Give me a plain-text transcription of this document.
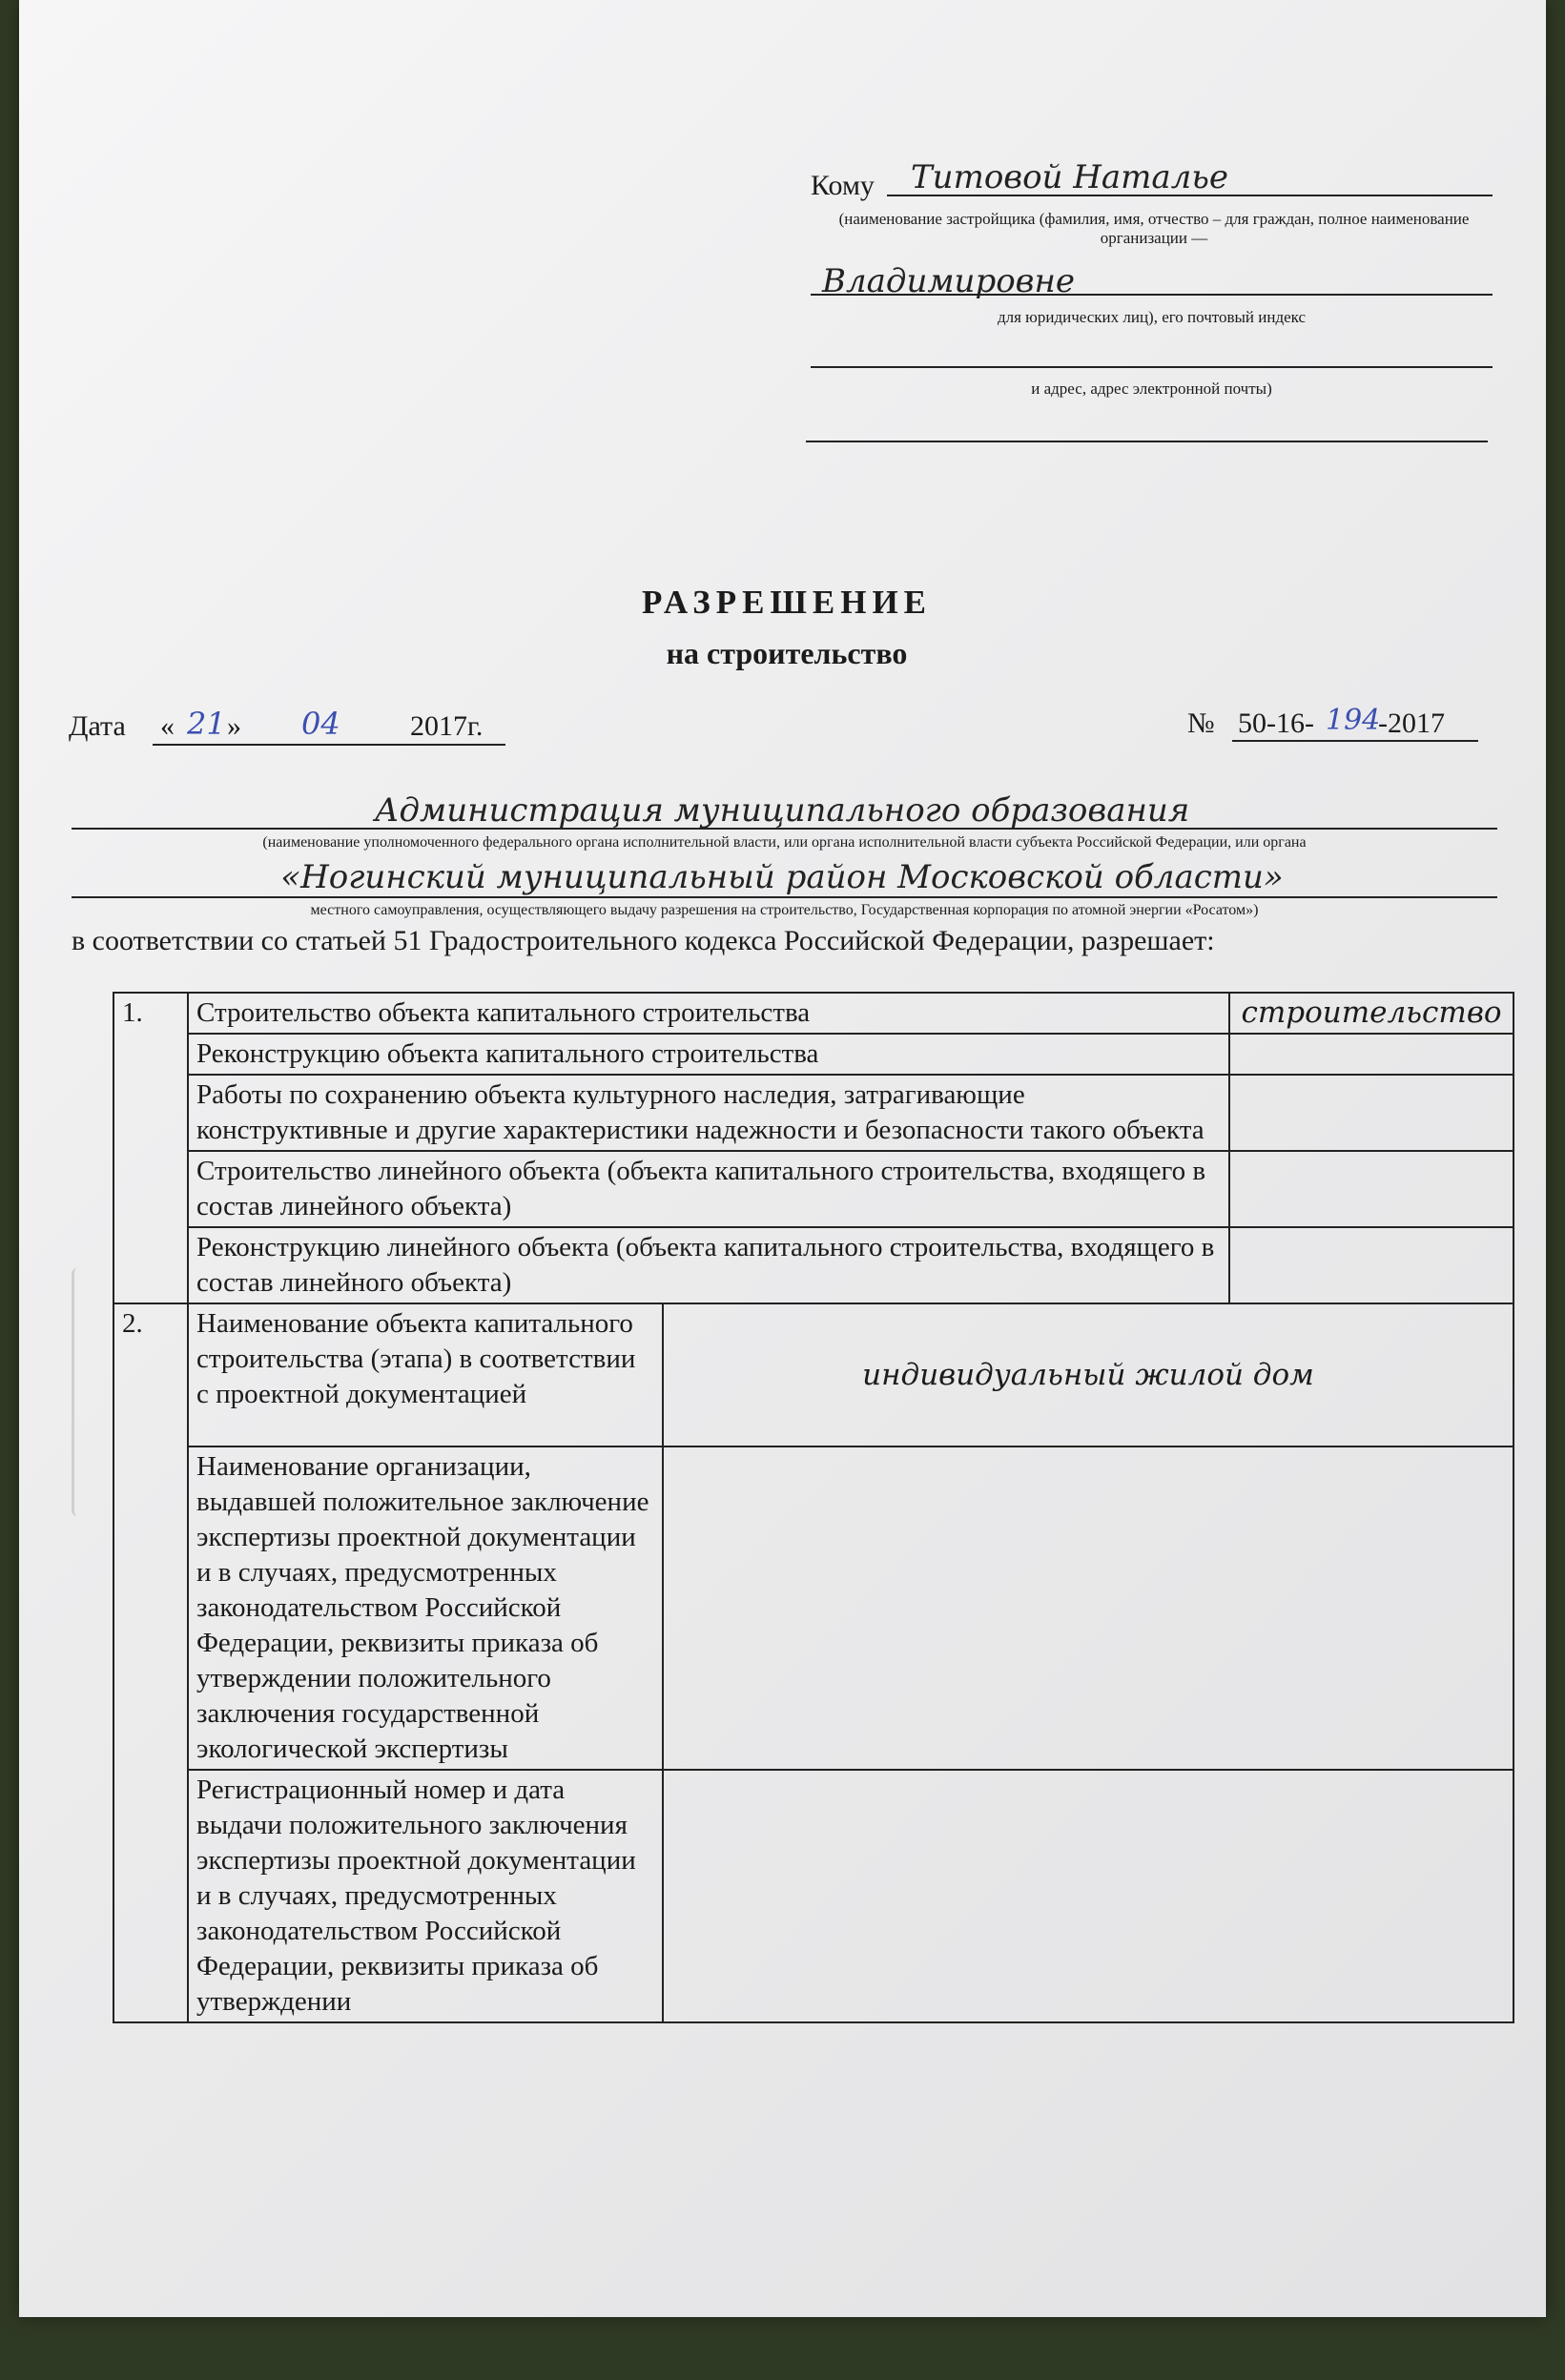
Кому Титовой Наталье
(наименование застройщика (фамилия, имя, отчество – для граждан, полное наименование организации —
Владимировне
для юридических лиц), его почтовый индекс
и адрес, адрес электронной почты)
РАЗРЕШЕНИЕ
на строительство
Дата « 21 » 04 2017г.	№ 50-16- 194
-2017
Администрация муниципального образования
(наименование уполномоченного федерального органа исполнительной власти, или органа исполнительной власти субъекта Российской Федерации, или органа
«Ногинский муниципальный район Московской области»
местного самоуправления, осуществляющего выдачу разрешения на строительство, Государственная корпорация по атомной энергии «Росатом»)
в соответствии со статьей 51 Градостроительного кодекса Российской Федерации, разрешает:
1.	Строительство объекта капитального строительства		строительство
	Реконструкцию объекта капитального строительства		
	Работы по сохранению объекта культурного наследия, затрагивающие конструктивные и другие характеристики надежности и безопасности такого объекта		
	Строительство линейного объекта (объекта капитального строительства, входящего в состав линейного объекта)		
	Реконструкцию линейного объекта (объекта капитального строительства, входящего в состав линейного объекта)		
2.	Наименование объекта капитального строительства (этапа) в соответствии с проектной документацией	индивидуальный жилой дом	
	Наименование организации, выдавшей положительное заключение экспертизы проектной документации и в случаях, предусмотренных законодательством Российской Федерации, реквизиты приказа об утверждении положительного заключения государственной экологической экспертизы		
	Регистрационный номер и дата выдачи положительного заключения экспертизы проектной документации и в случаях, предусмотренных законодательством Российской Федерации, реквизиты приказа об утверждении		
